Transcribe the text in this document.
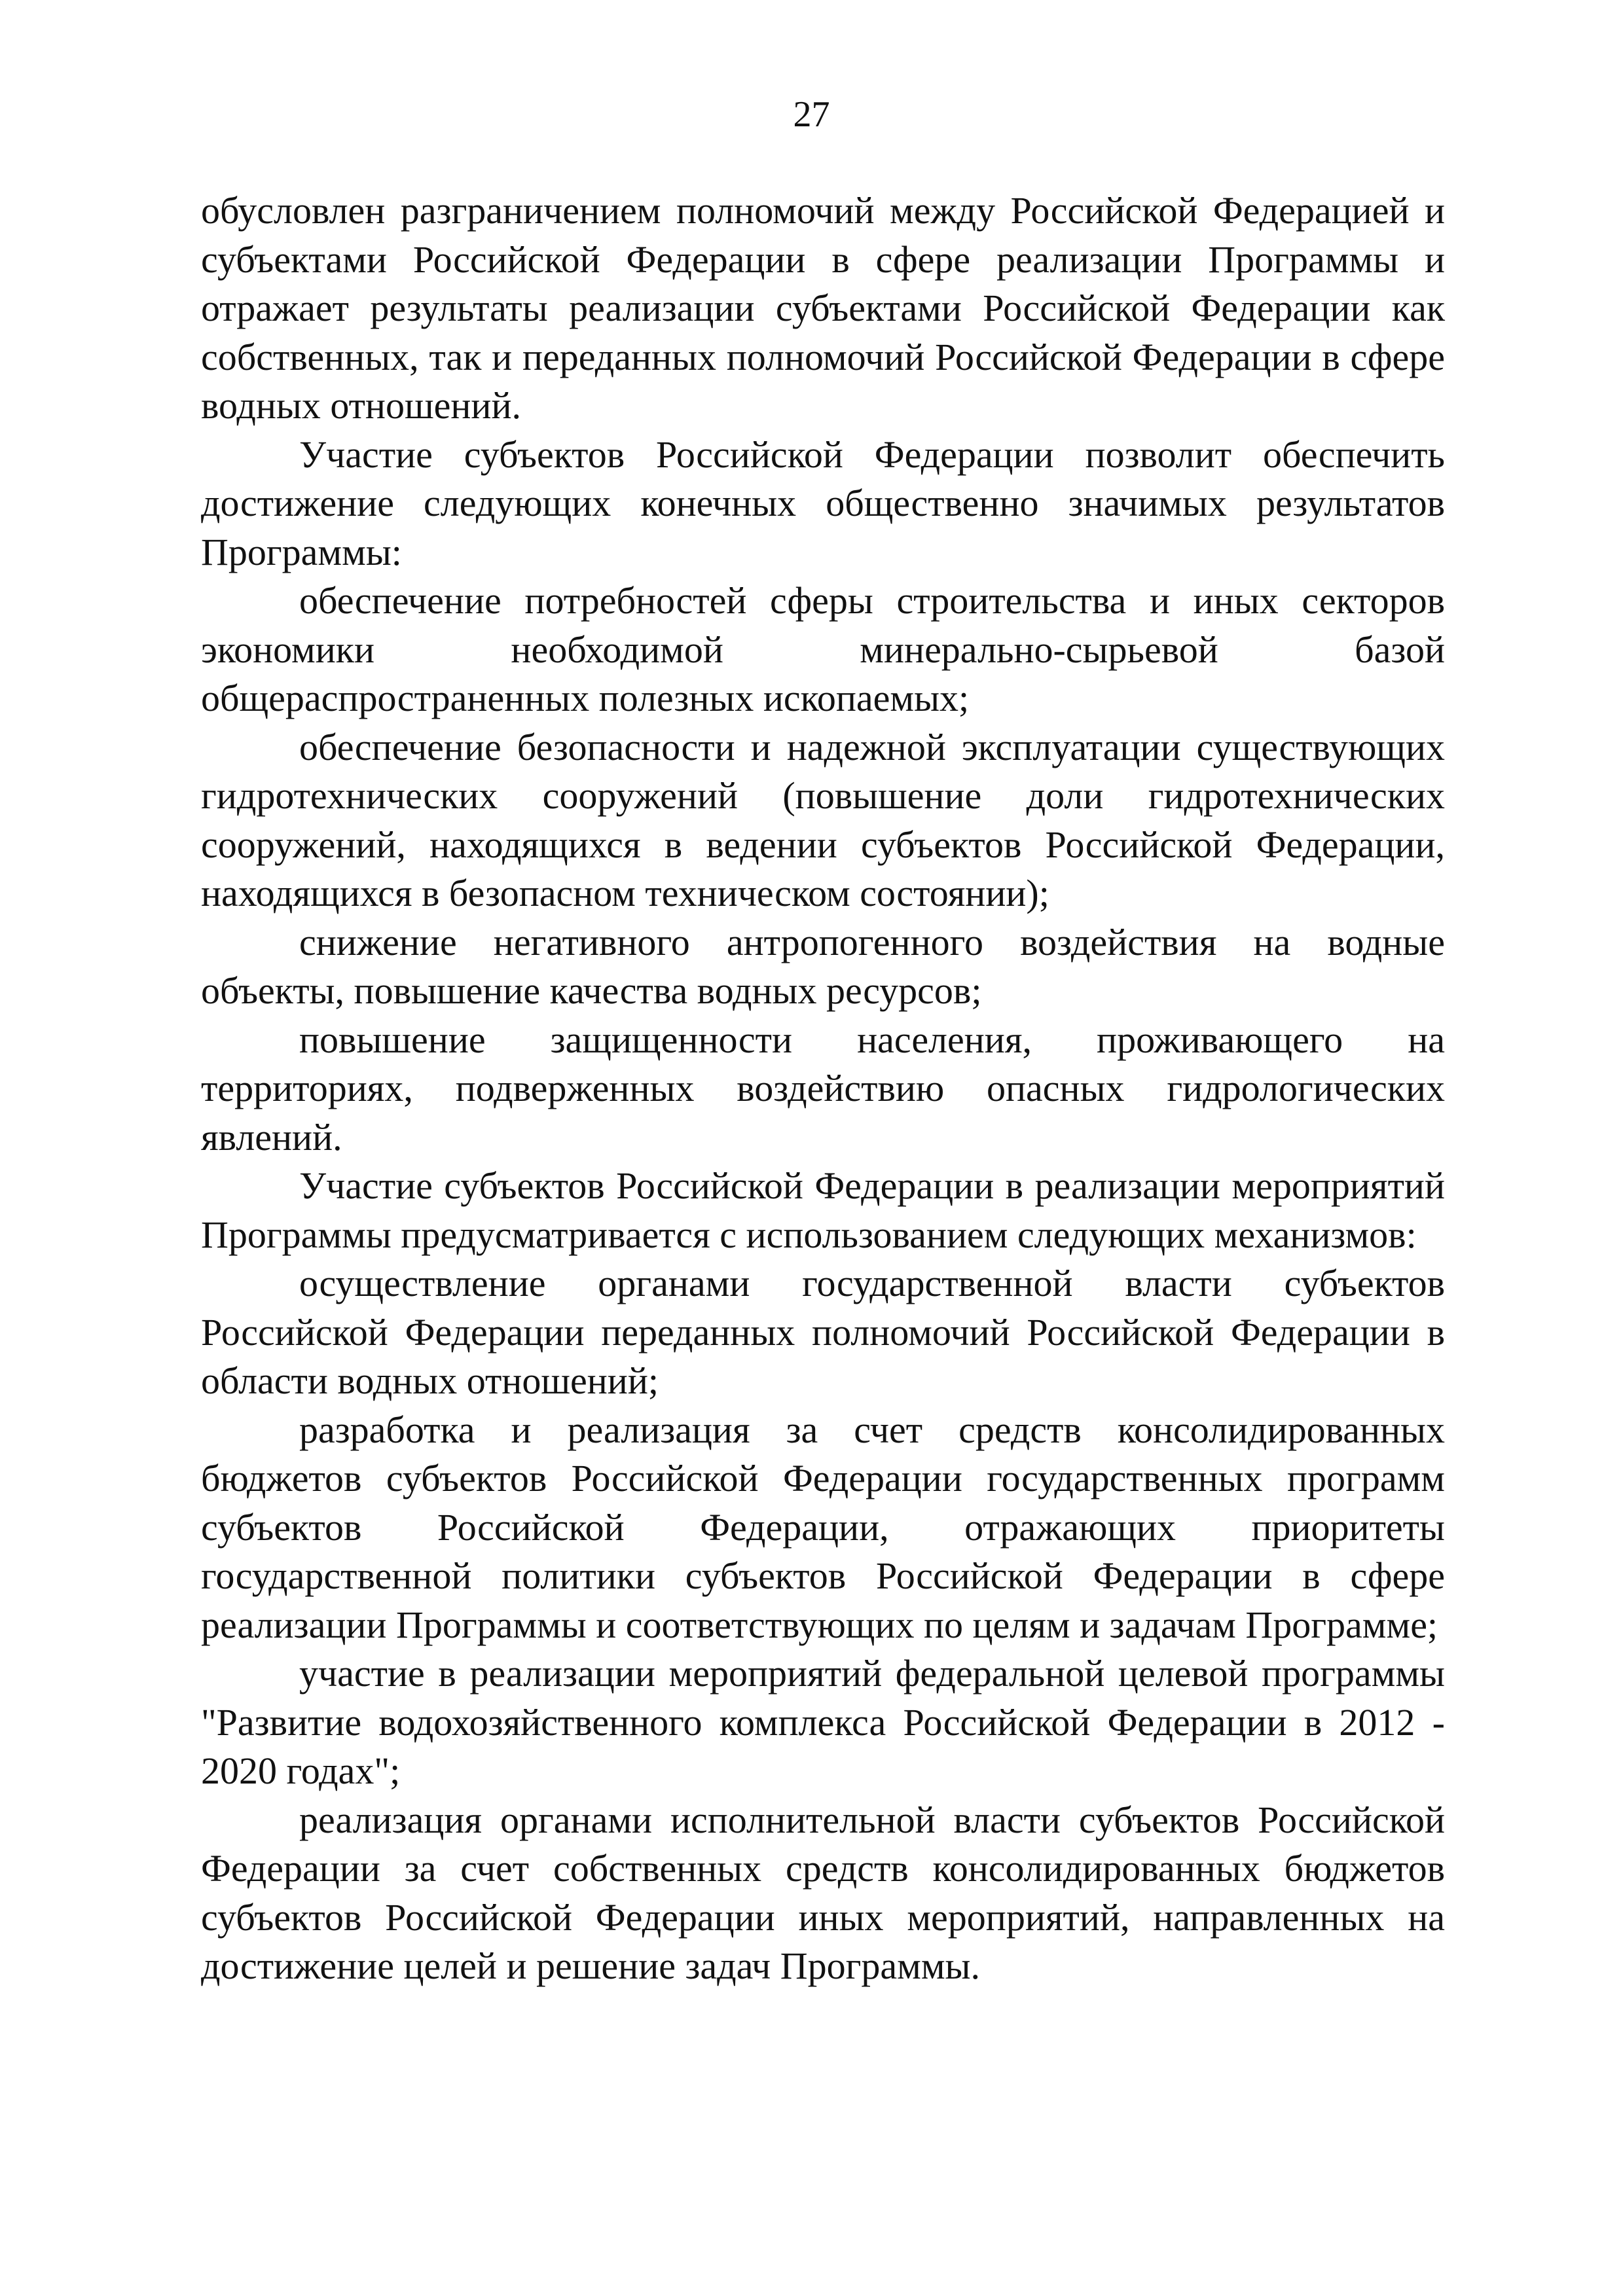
27

обусловлен разграничением полномочий между Российской Федерацией и субъектами Российской Федерации в сфере реализации Программы и отражает результаты реализации субъектами Российской Федерации как собственных, так и переданных полномочий Российской Федерации в сфере водных отношений.

Участие субъектов Российской Федерации позволит обеспечить достижение следующих конечных общественно значимых результатов Программы:

обеспечение потребностей сферы строительства и иных секторов экономики необходимой минерально-сырьевой базой общераспространенных полезных ископаемых;

обеспечение безопасности и надежной эксплуатации существующих гидротехнических сооружений (повышение доли гидротехнических сооружений, находящихся в ведении субъектов Российской Федерации, находящихся в безопасном техническом состоянии);

снижение негативного антропогенного воздействия на водные объекты, повышение качества водных ресурсов;

повышение защищенности населения, проживающего на территориях, подверженных воздействию опасных гидрологических явлений.

Участие субъектов Российской Федерации в реализации мероприятий Программы предусматривается с использованием следующих механизмов:

осуществление органами государственной власти субъектов Российской Федерации переданных полномочий Российской Федерации в области водных отношений;

разработка и реализация за счет средств консолидированных бюджетов субъектов Российской Федерации государственных программ субъектов Российской Федерации, отражающих приоритеты государственной политики субъектов Российской Федерации в сфере реализации Программы и соответствующих по целям и задачам Программе;

участие в реализации мероприятий федеральной целевой программы "Развитие водохозяйственного комплекса Российской Федерации в 2012 - 2020 годах";

реализация органами исполнительной власти субъектов Российской Федерации за счет собственных средств консолидированных бюджетов субъектов Российской Федерации иных мероприятий, направленных на достижение целей и решение задач Программы.
